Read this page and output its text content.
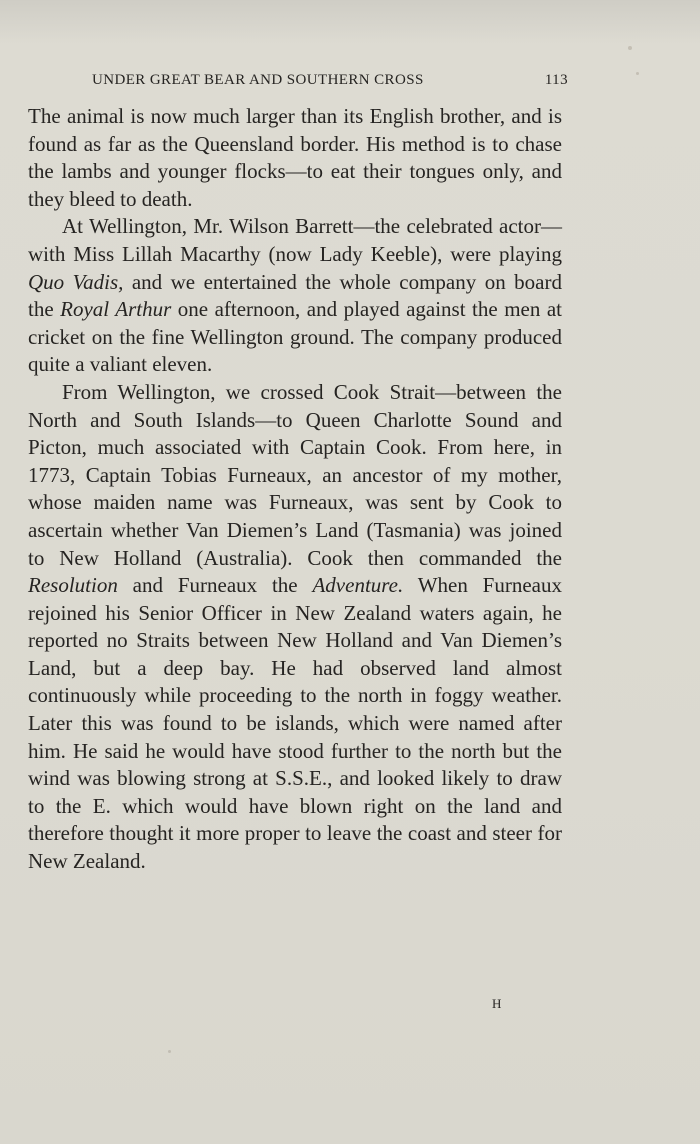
UNDER GREAT BEAR AND SOUTHERN CROSS	113

The animal is now much larger than its English brother, and is found as far as the Queensland border. His method is to chase the lambs and younger flocks—to eat their tongues only, and they bleed to death.

At Wellington, Mr. Wilson Barrett—the celebrated actor—with Miss Lillah Macarthy (now Lady Keeble), were playing Quo Vadis, and we entertained the whole company on board the Royal Arthur one afternoon, and played against the men at cricket on the fine Wellington ground. The company produced quite a valiant eleven.

From Wellington, we crossed Cook Strait—between the North and South Islands—to Queen Charlotte Sound and Picton, much associated with Captain Cook. From here, in 1773, Captain Tobias Furneaux, an ancestor of my mother, whose maiden name was Furneaux, was sent by Cook to ascertain whether Van Diemen’s Land (Tasmania) was joined to New Holland (Australia). Cook then commanded the Resolution and Furneaux the Adventure. When Furneaux rejoined his Senior Officer in New Zealand waters again, he reported no Straits between New Holland and Van Diemen’s Land, but a deep bay. He had observed land almost continuously while proceeding to the north in foggy weather. Later this was found to be islands, which were named after him. He said he would have stood further to the north but the wind was blowing strong at S.S.E., and looked likely to draw to the E. which would have blown right on the land and therefore thought it more proper to leave the coast and steer for New Zealand.

H
